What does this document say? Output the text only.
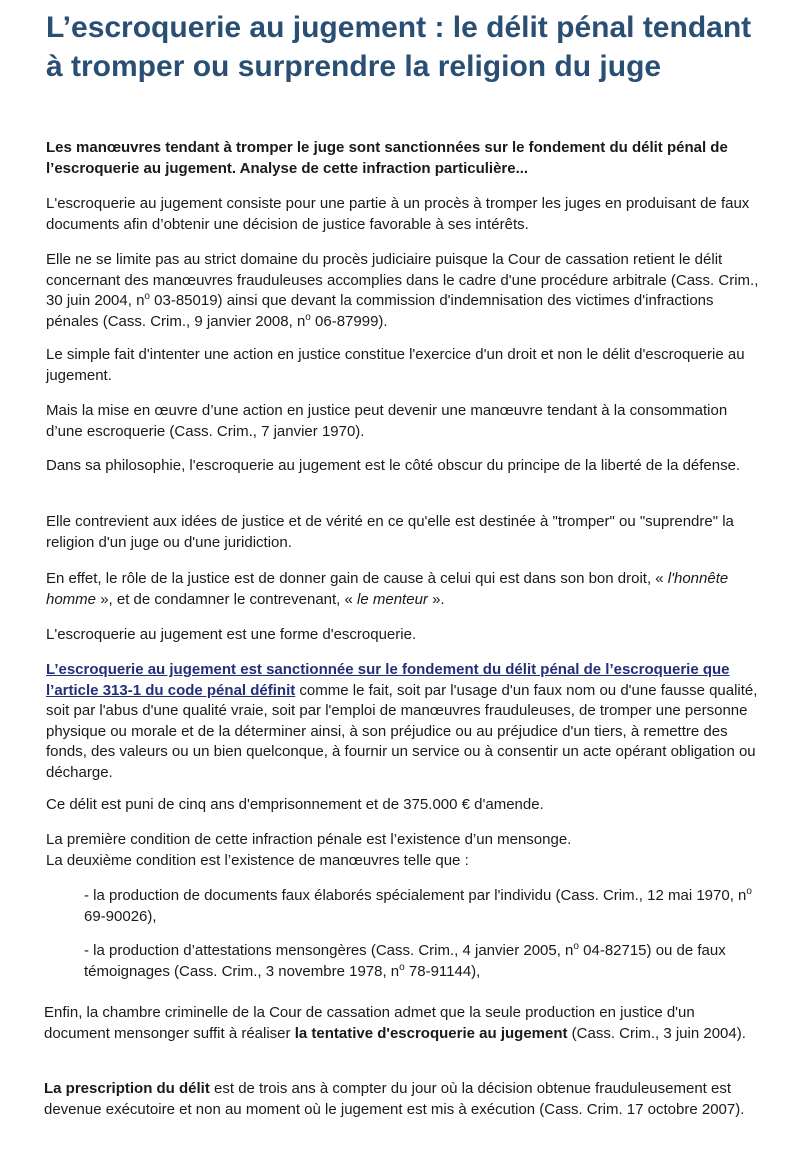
L’escroquerie au jugement : le délit pénal tendant à tromper ou surprendre la religion du juge

Les manœuvres tendant à tromper le juge sont sanctionnées sur le fondement du délit pénal de l’escroquerie au jugement. Analyse de cette infraction particulière...

L'escroquerie au jugement consiste pour une partie à un procès à tromper les juges en produisant de faux documents afin d’obtenir une décision de justice favorable à ses intérêts.

Elle ne se limite pas au strict domaine du procès judiciaire puisque la Cour de cassation retient le délit concernant des manœuvres frauduleuses accomplies dans le cadre d'une procédure arbitrale (Cass. Crim., 30 juin 2004, $n^o$ 03-85019) ainsi que devant la commission d'indemnisation des victimes d'infractions pénales (Cass. Crim., 9 janvier 2008, $n^o$ 06-87999).

Le simple fait d'intenter une action en justice constitue l'exercice d'un droit et non le délit d'escroquerie au jugement.

Mais la mise en œuvre d’une action en justice peut devenir une manœuvre tendant à la consommation d’une escroquerie (Cass. Crim., 7 janvier 1970).

Dans sa philosophie, l'escroquerie au jugement est le côté obscur du principe de la liberté de la défense.

Elle contrevient aux idées de justice et de vérité en ce qu'elle est destinée à "tromper" ou "suprendre" la religion d'un juge ou d'une juridiction.

En effet, le rôle de la justice est de donner gain de cause à celui qui est dans son bon droit, « l'honnête homme », et de condamner le contrevenant, « le menteur ».

L'escroquerie au jugement est une forme d'escroquerie.

L’escroquerie au jugement est sanctionnée sur le fondement du délit pénal de l’escroquerie que l’article 313-1 du code pénal définit comme le fait, soit par l'usage d'un faux nom ou d'une fausse qualité, soit par l'abus d'une qualité vraie, soit par l'emploi de manœuvres frauduleuses, de tromper une personne physique ou morale et de la déterminer ainsi, à son préjudice ou au préjudice d'un tiers, à remettre des fonds, des valeurs ou un bien quelconque, à fournir un service ou à consentir un acte opérant obligation ou décharge.

Ce délit est puni de cinq ans d'emprisonnement et de 375.000 € d'amende.

La première condition de cette infraction pénale est l’existence d’un mensonge.

La deuxième condition est l’existence de manœuvres telle que :

- la production de documents faux élaborés spécialement par l'individu (Cass. Crim., 12 mai 1970, $n^o$ 69-90026),

- la production d’attestations mensongères (Cass. Crim., 4 janvier 2005, $n^o$ 04-82715) ou de faux témoignages (Cass. Crim., 3 novembre 1978, $n^o$ 78-91144),

Enfin, la chambre criminelle de la Cour de cassation admet que la seule production en justice d'un document mensonger suffit à réaliser la tentative d'escroquerie au jugement (Cass. Crim., 3 juin 2004).

La prescription du délit est de trois ans à compter du jour où la décision obtenue frauduleusement est devenue exécutoire et non au moment où le jugement est mis à exécution (Cass. Crim. 17 octobre 2007).
